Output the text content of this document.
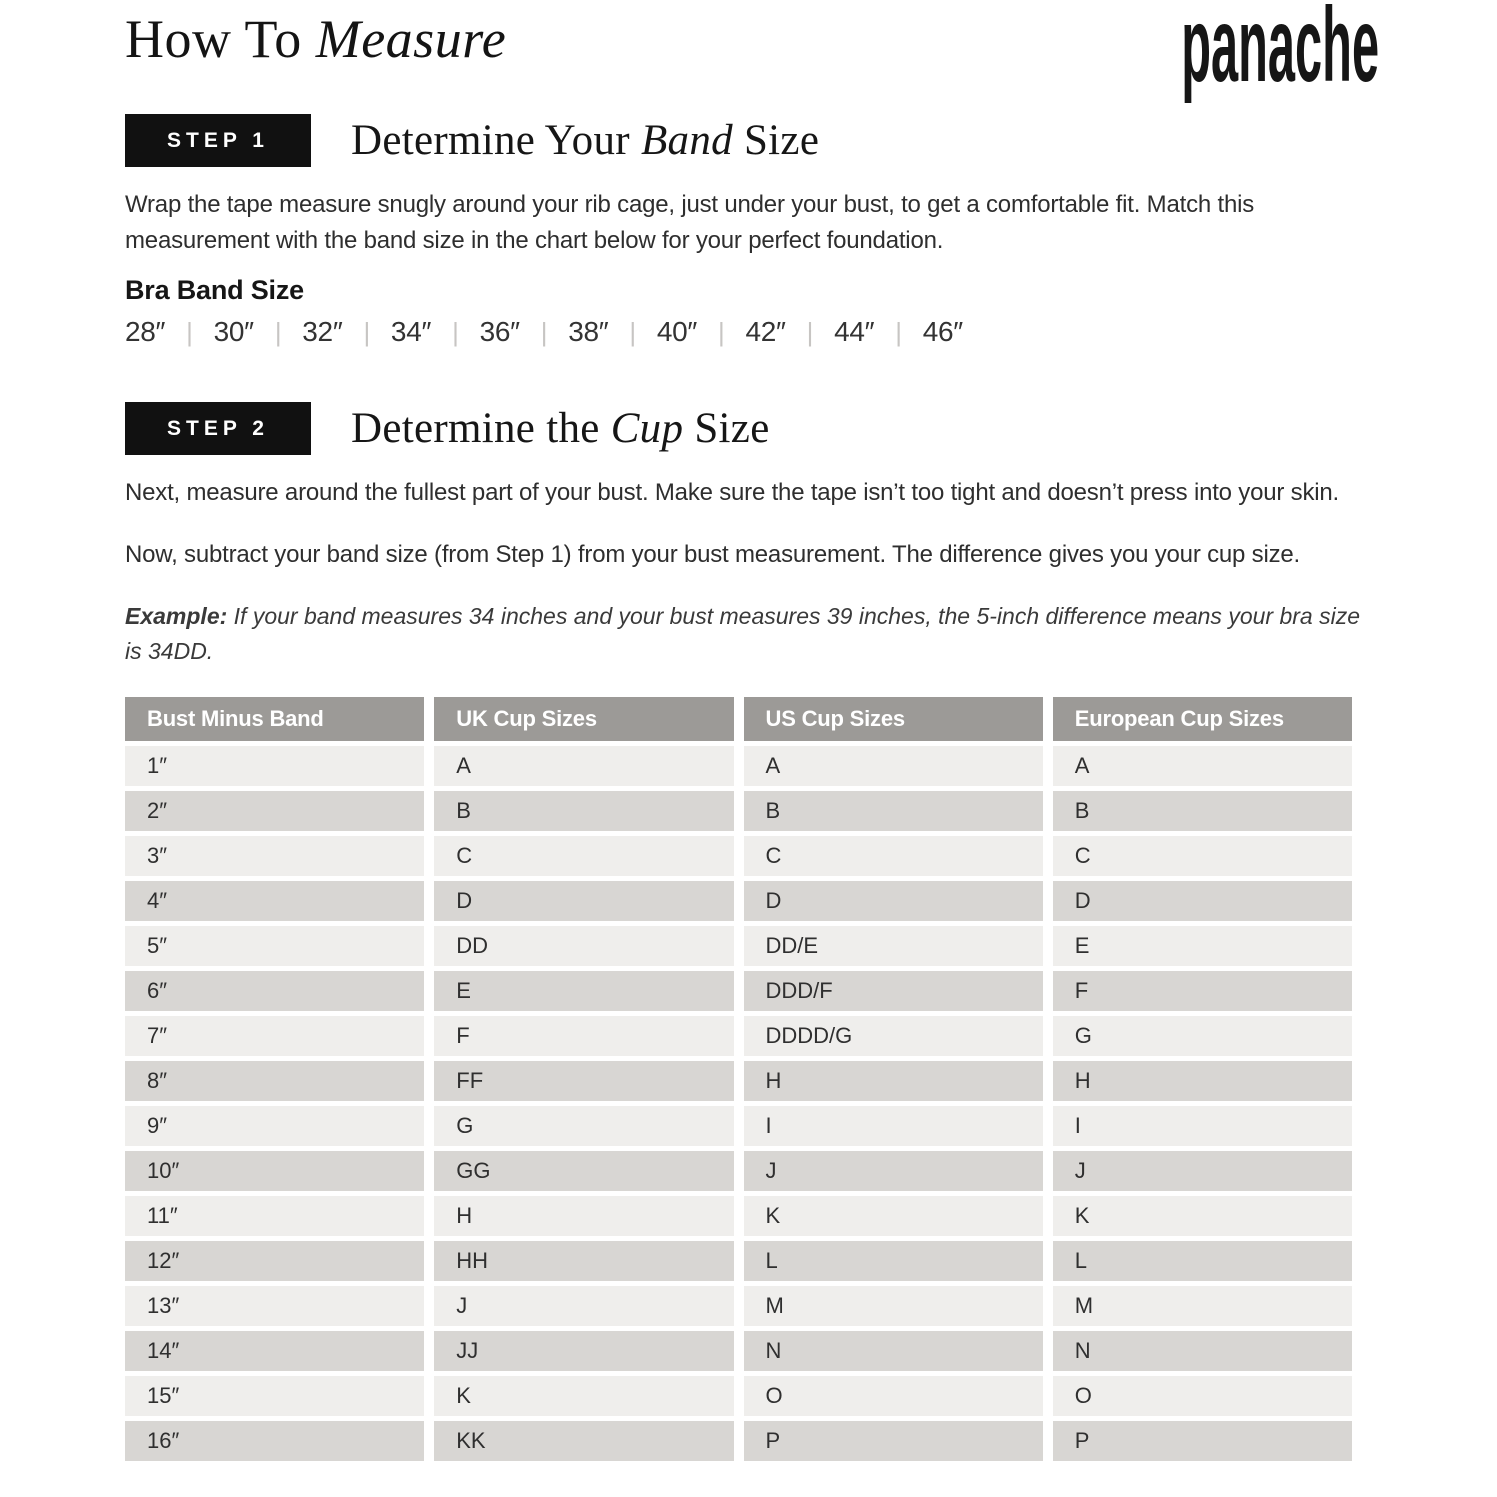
How To Measure	panache
STEP 1	Determine Your Band Size

Wrap the tape measure snugly around your rib cage, just under your bust, to get a comfortable fit. Match this measurement with the band size in the chart below for your perfect foundation.

Bra Band Size

28″ | 30″ | 32″ | 34″ | 36″ | 38″ | 40″ | 42″ | 44″ | 46″
STEP 2	Determine the Cup Size

Next, measure around the fullest part of your bust. Make sure the tape isn’t too tight and doesn’t press into your skin.

Now, subtract your band size (from Step 1) from your bust measurement. The difference gives you your cup size.

Example: If your band measures 34 inches and your bust measures 39 inches, the 5-inch difference means your bra size is 34DD.

Bust Minus Band	UK Cup Sizes	US Cup Sizes	European Cup Sizes
1″	A	A	A
2″	B	B	B
3″	C	C	C
4″	D	D	D
5″	DD	DD/E	E
6″	E	DDD/F	F
7″	F	DDDD/G	G
8″	FF	H	H
9″	G	I	I
10″	GG	J	J
11″	H	K	K
12″	HH	L	L
13″	J	M	M
14″	JJ	N	N
15″	K	O	O
16″	KK	P	P
